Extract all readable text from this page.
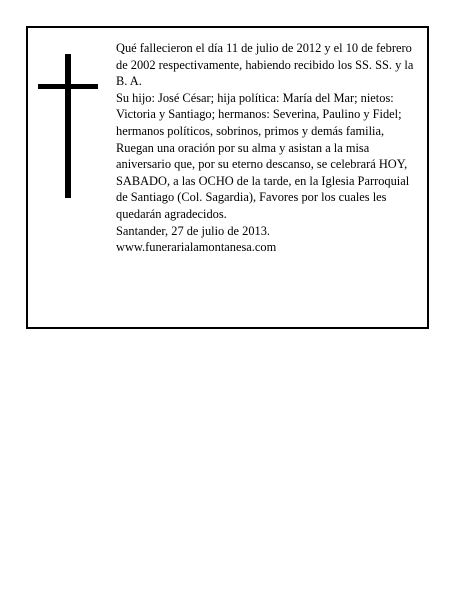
Qué fallecieron el día 11 de julio de 2012 y el 10 de febrero de 2002 respectivamente, habiendo recibido los SS. SS. y la B. A.

Su hijo: José César; hija política: María del Mar; nietos: Victoria y Santiago; hermanos: Severina, Paulino y Fidel; hermanos políticos, sobrinos, primos y demás familia,

Ruegan una oración por su alma y asistan a la misa aniversario que, por su eterno descanso, se celebrará HOY, SABADO, a las OCHO de la tarde, en la Iglesia Parroquial de Santiago (Col. Sagardia), Favores por los cuales les quedarán agradecidos.

Santander, 27 de julio de 2013.

www.funerarialamontanesa.com
